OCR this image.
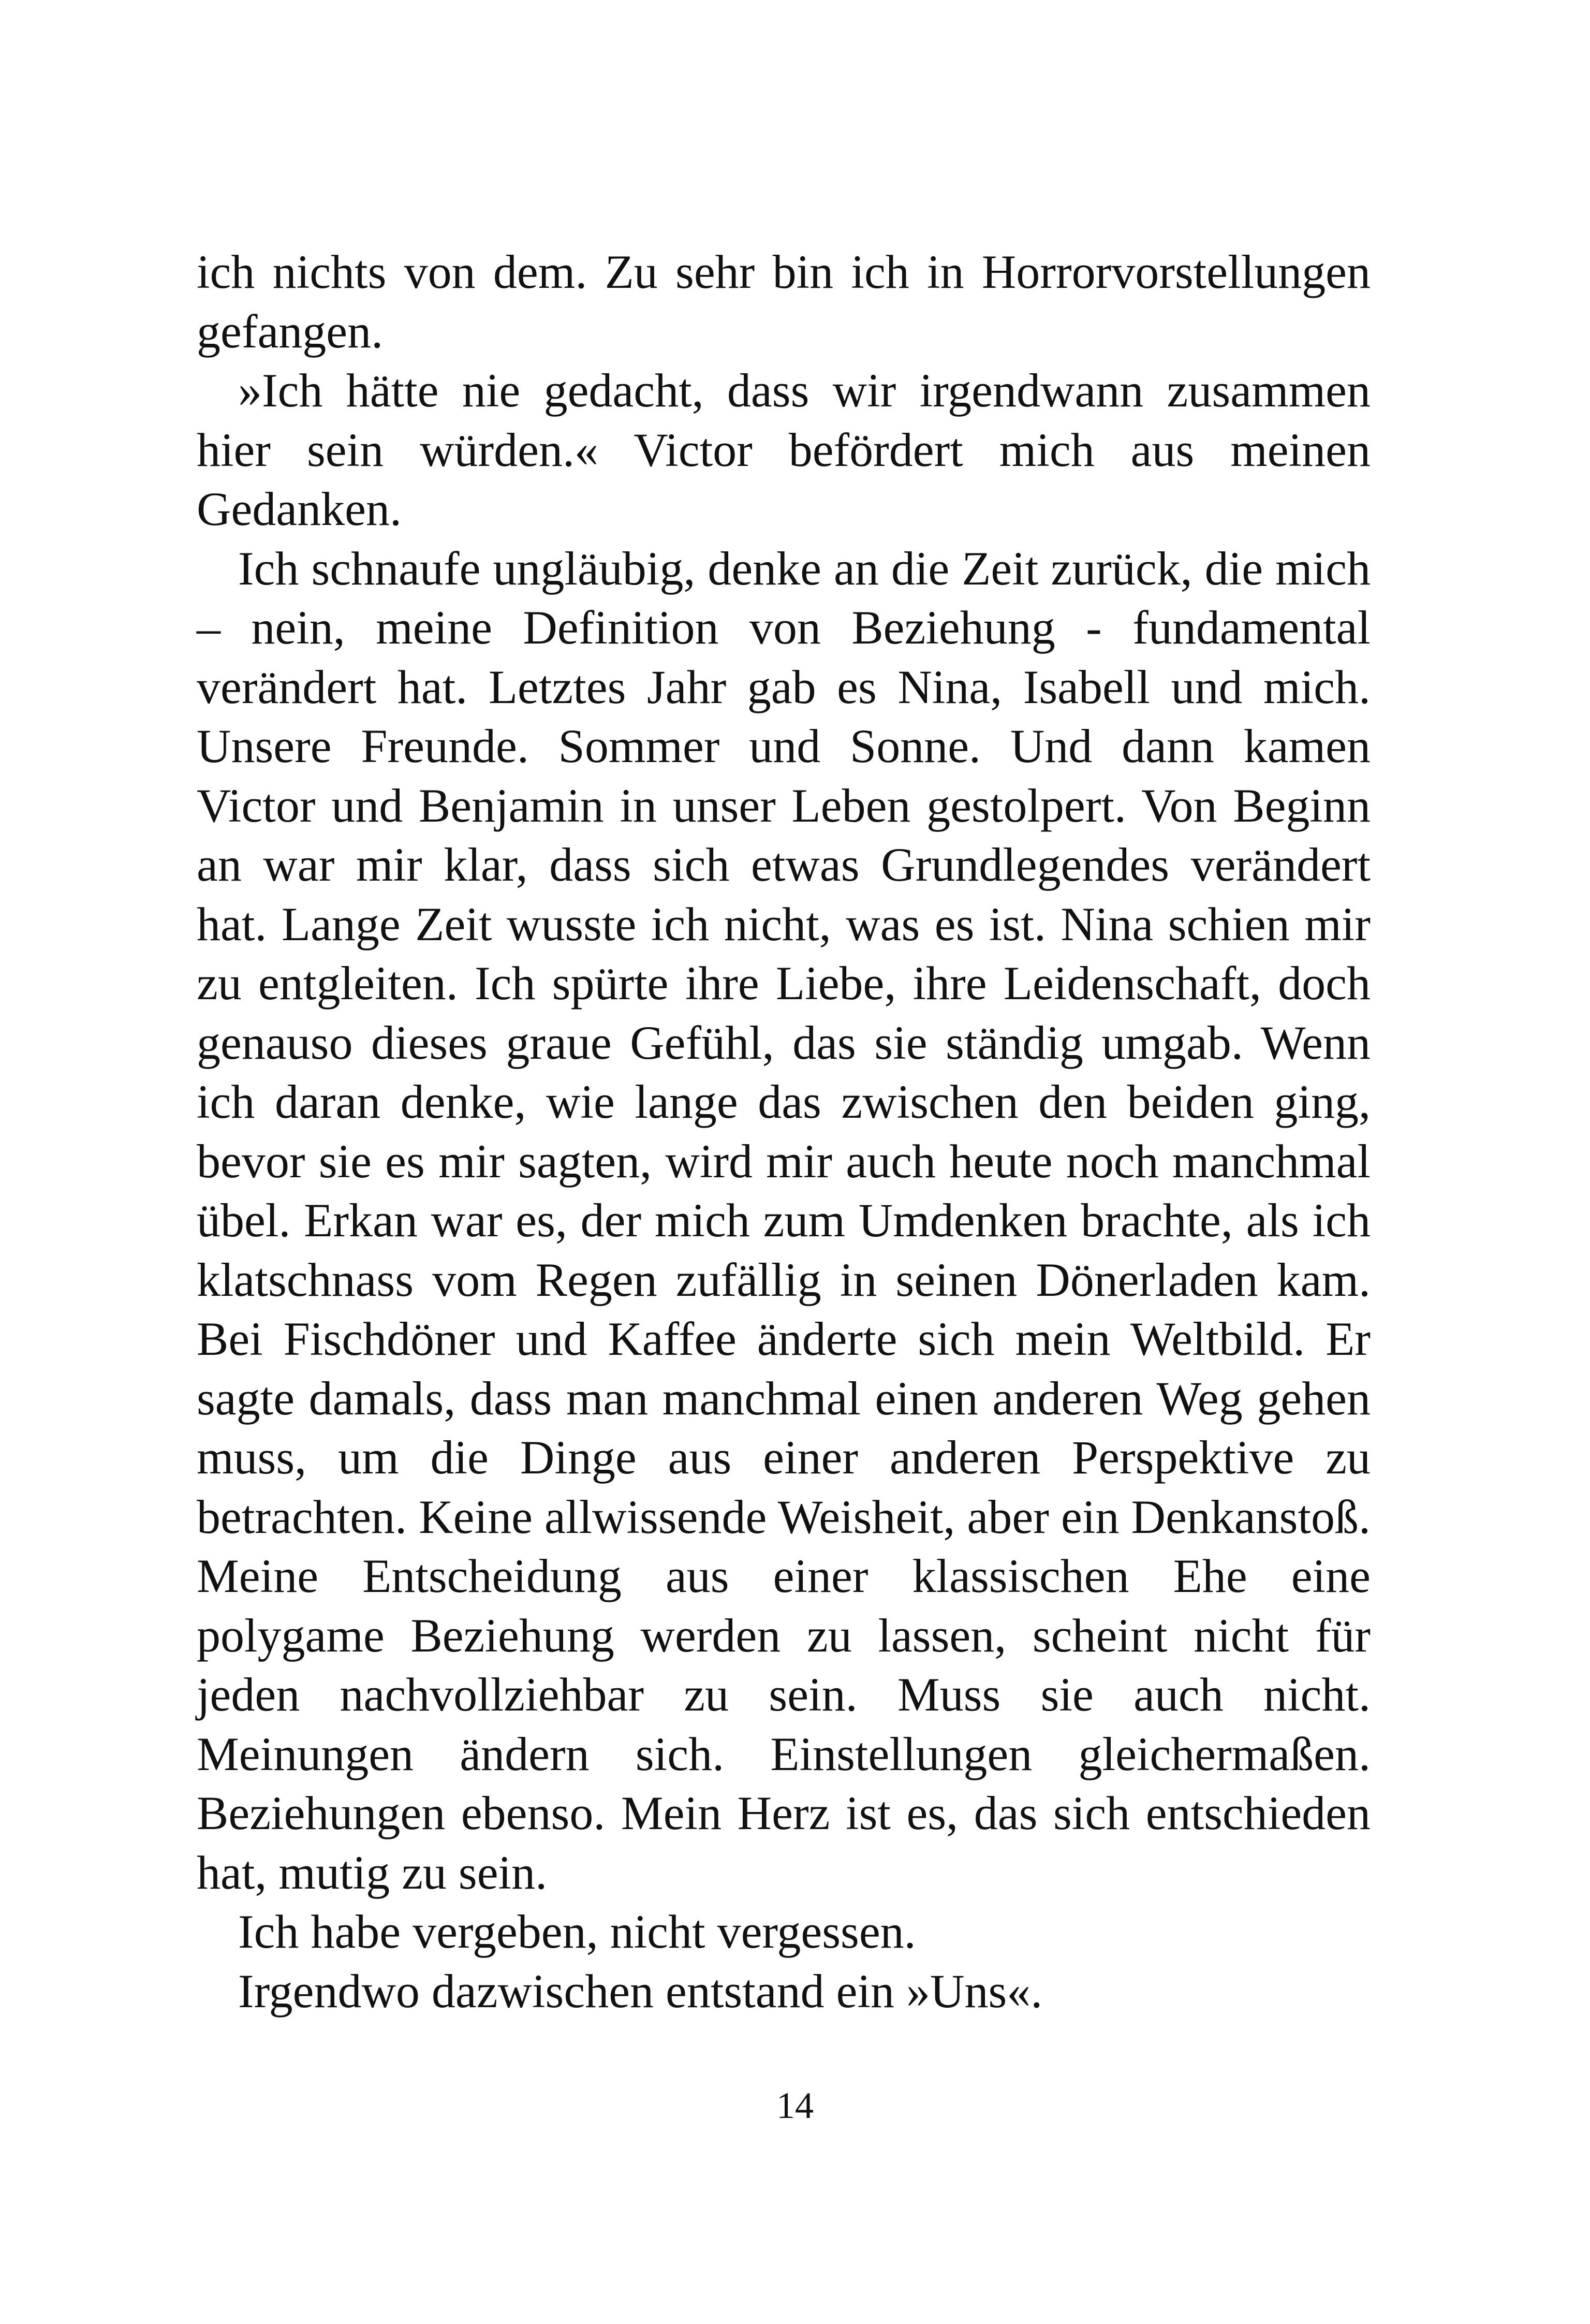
ich nichts von dem. Zu sehr bin ich in Horrorvorstellungen gefangen.

»Ich hätte nie gedacht, dass wir irgendwann zusammen hier sein würden.« Victor befördert mich aus meinen Gedanken.

Ich schnaufe ungläubig, denke an die Zeit zurück, die mich – nein, meine Definition von Beziehung - fundamental verändert hat. Letztes Jahr gab es Nina, Isabell und mich. Unsere Freunde. Sommer und Sonne. Und dann kamen Victor und Benjamin in unser Leben gestolpert. Von Beginn an war mir klar, dass sich etwas Grundlegendes verändert hat. Lange Zeit wusste ich nicht, was es ist. Nina schien mir zu entgleiten. Ich spürte ihre Liebe, ihre Leidenschaft, doch genauso dieses graue Gefühl, das sie ständig umgab. Wenn ich daran denke, wie lange das zwischen den beiden ging, bevor sie es mir sagten, wird mir auch heute noch manchmal übel. Erkan war es, der mich zum Umdenken brachte, als ich klatschnass vom Regen zufällig in seinen Dönerladen kam. Bei Fischdöner und Kaffee änderte sich mein Weltbild. Er sagte damals, dass man manchmal einen anderen Weg gehen muss, um die Dinge aus einer anderen Perspektive zu betrachten. Keine allwissende Weisheit, aber ein Denkanstoß. Meine Entscheidung aus einer klassischen Ehe eine polygame Beziehung werden zu lassen, scheint nicht für jeden nachvollziehbar zu sein. Muss sie auch nicht. Meinungen ändern sich. Einstellungen gleichermaßen. Beziehungen ebenso. Mein Herz ist es, das sich entschieden hat, mutig zu sein.

Ich habe vergeben, nicht vergessen.

Irgendwo dazwischen entstand ein »Uns«.

14
